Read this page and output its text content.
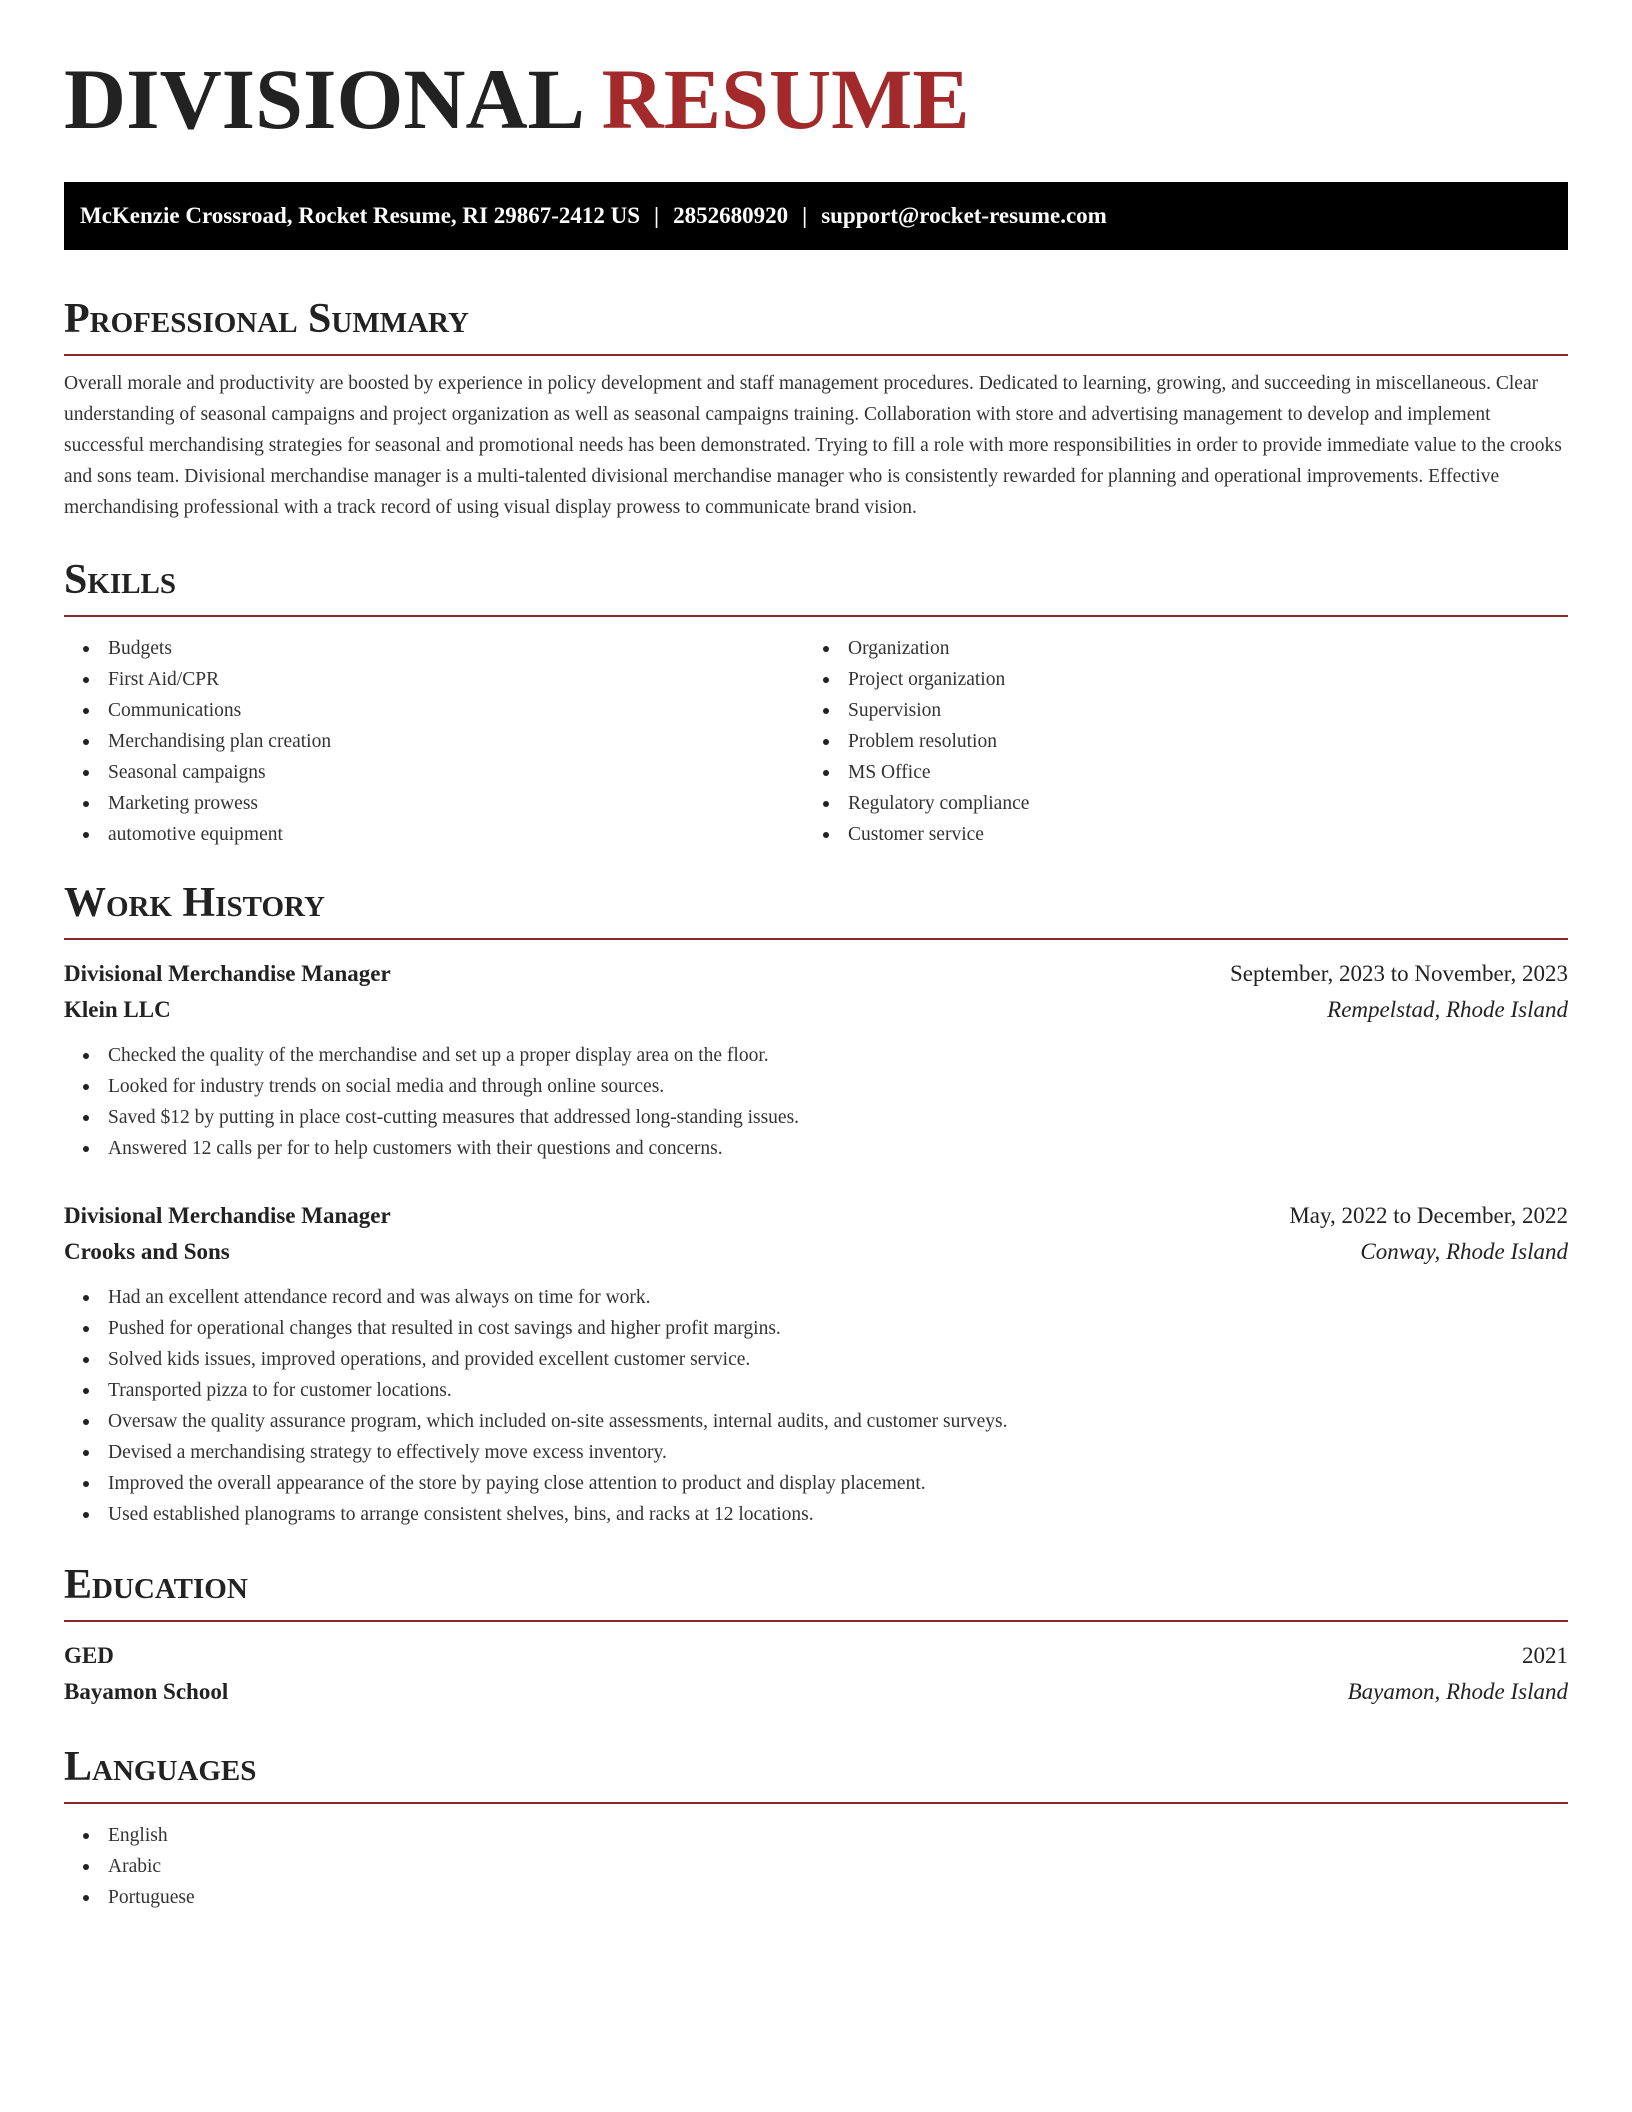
DIVISIONAL RESUME
McKenzie Crossroad, Rocket Resume, RI 29867-2412 US | 2852680920 | support@rocket-resume.com
Professional Summary

Overall morale and productivity are boosted by experience in policy development and staff management procedures. Dedicated to learning, growing, and succeeding in miscellaneous. Clear understanding of seasonal campaigns and project organization as well as seasonal campaigns training. Collaboration with store and advertising management to develop and implement successful merchandising strategies for seasonal and promotional needs has been demonstrated. Trying to fill a role with more responsibilities in order to provide immediate value to the crooks and sons team. Divisional merchandise manager is a multi-talented divisional merchandise manager who is consistently rewarded for planning and operational improvements. Effective merchandising professional with a track record of using visual display prowess to communicate brand vision.

Skills
Budgets
First Aid/CPR
Communications
Merchandising plan creation
Seasonal campaigns
Marketing prowess
automotive equipment
Organization
Project organization
Supervision
Problem resolution
MS Office
Regulatory compliance
Customer service
Work History
Divisional Merchandise Manager	September, 2023 to November, 2023
Klein LLC	Rempelstad, Rhode Island
Checked the quality of the merchandise and set up a proper display area on the floor.
Looked for industry trends on social media and through online sources.
Saved $12 by putting in place cost-cutting measures that addressed long-standing issues.
Answered 12 calls per for to help customers with their questions and concerns.
Divisional Merchandise Manager	May, 2022 to December, 2022
Crooks and Sons	Conway, Rhode Island
Had an excellent attendance record and was always on time for work.
Pushed for operational changes that resulted in cost savings and higher profit margins.
Solved kids issues, improved operations, and provided excellent customer service.
Transported pizza to for customer locations.
Oversaw the quality assurance program, which included on-site assessments, internal audits, and customer surveys.
Devised a merchandising strategy to effectively move excess inventory.
Improved the overall appearance of the store by paying close attention to product and display placement.
Used established planograms to arrange consistent shelves, bins, and racks at 12 locations.
Education
GED	2021
Bayamon School	Bayamon, Rhode Island
Languages
English
Arabic
Portuguese
